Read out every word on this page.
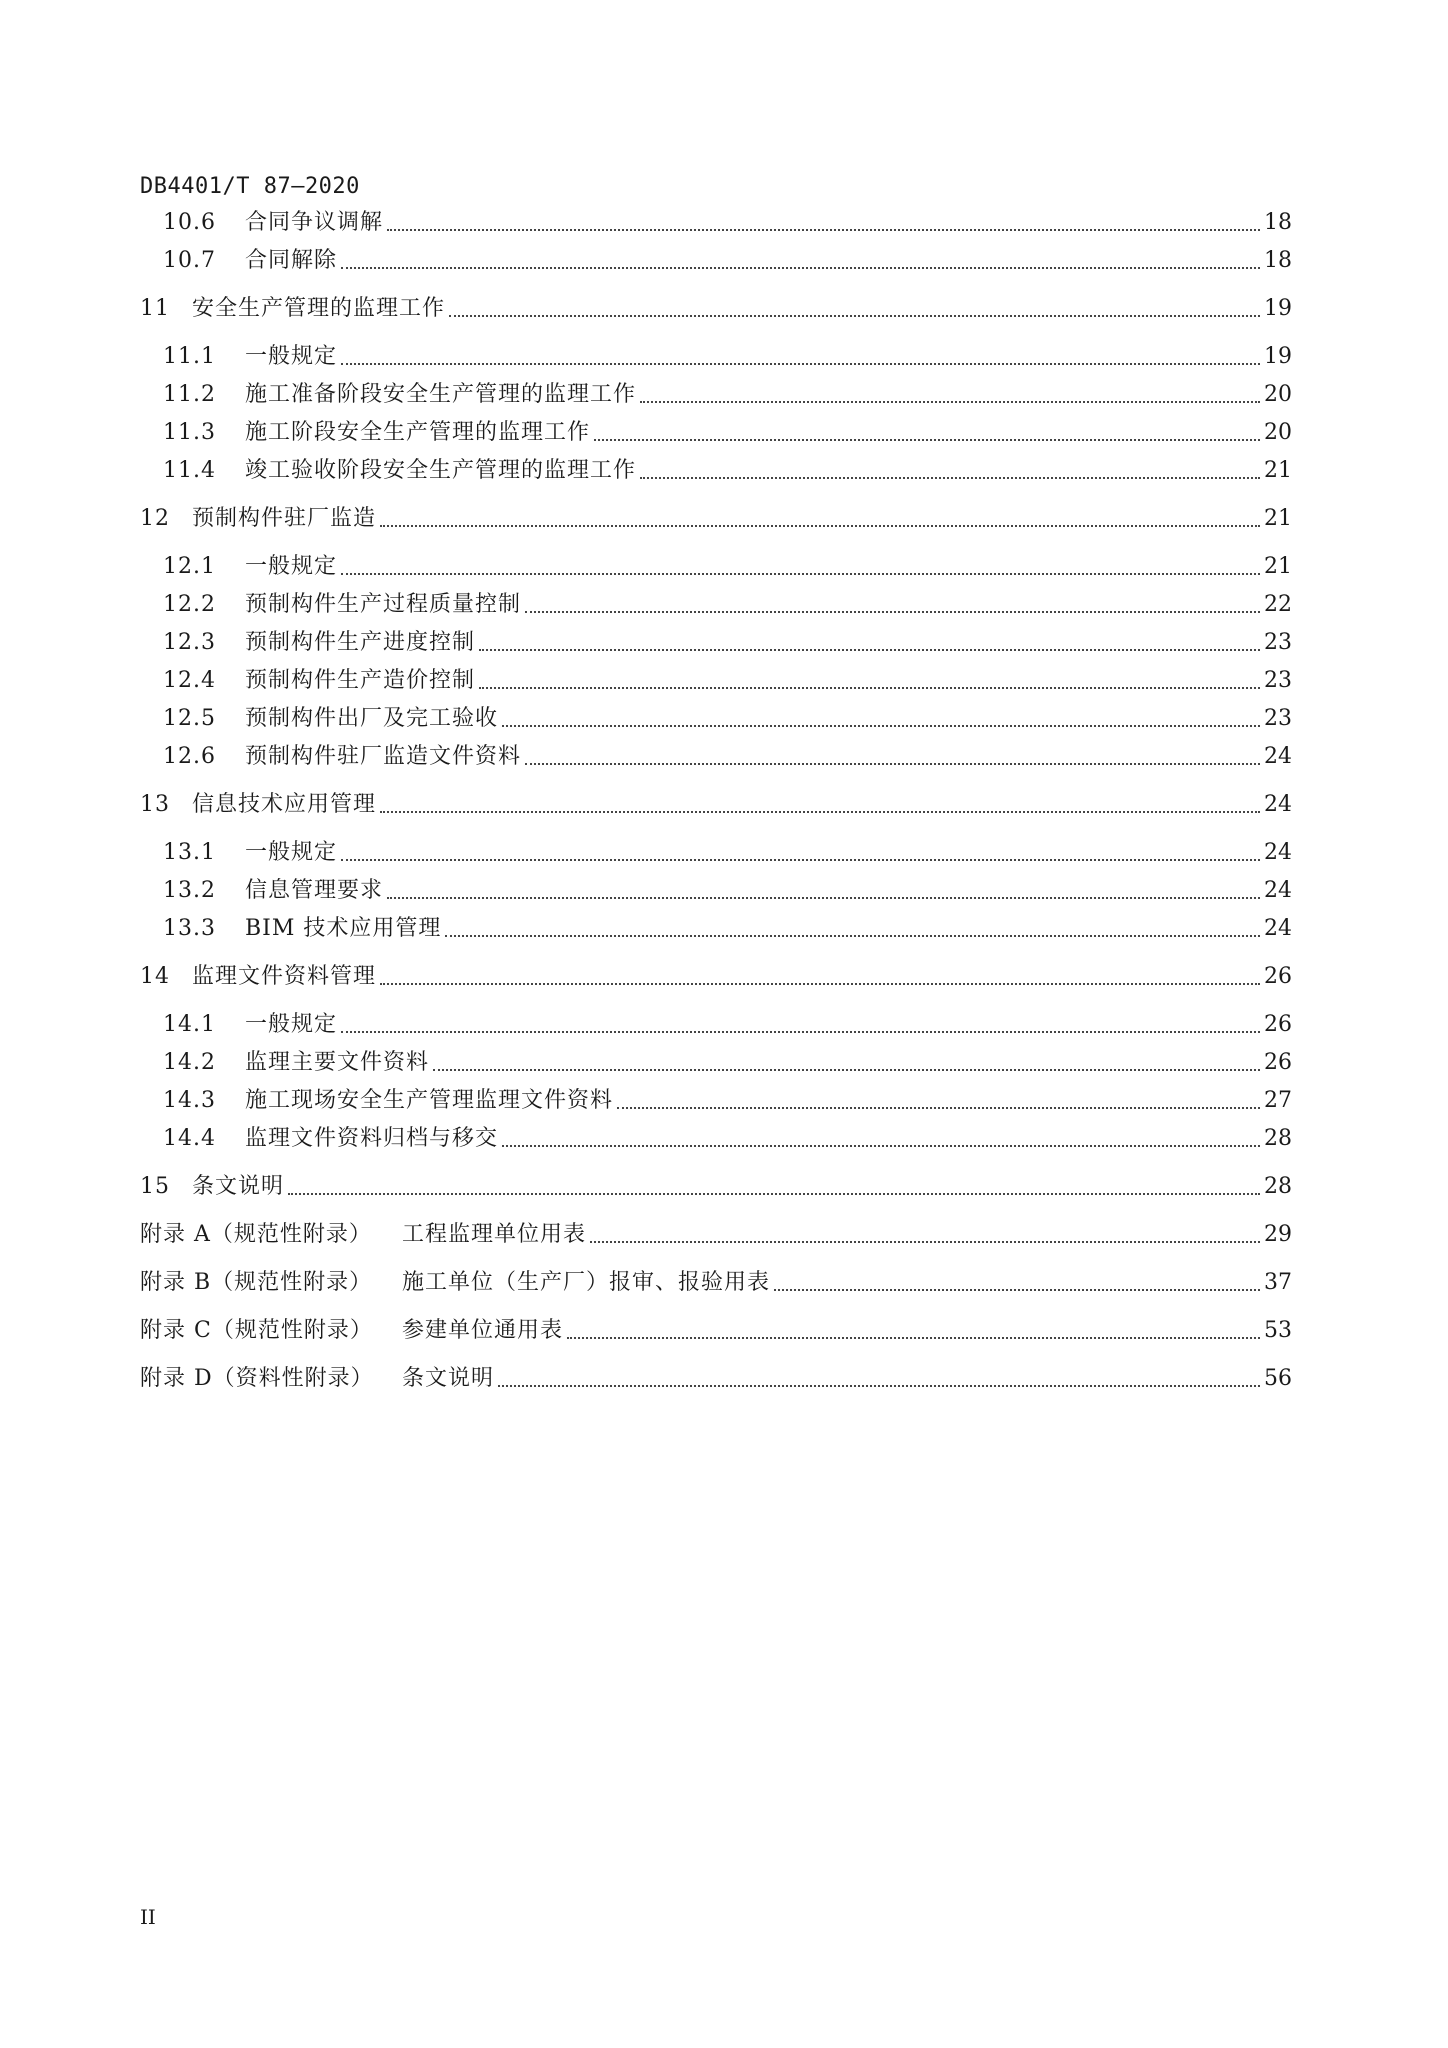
DB4401/T 87—2020
10.6	合同争议调解	18
10.7	合同解除	18
11	安全生产管理的监理工作	19
11.1	一般规定	19
11.2	施工准备阶段安全生产管理的监理工作	20
11.3	施工阶段安全生产管理的监理工作	20
11.4	竣工验收阶段安全生产管理的监理工作	21
12	预制构件驻厂监造	21
12.1	一般规定	21
12.2	预制构件生产过程质量控制	22
12.3	预制构件生产进度控制	23
12.4	预制构件生产造价控制	23
12.5	预制构件出厂及完工验收	23
12.6	预制构件驻厂监造文件资料	24
13	信息技术应用管理	24
13.1	一般规定	24
13.2	信息管理要求	24
13.3	BIM 技术应用管理	24
14	监理文件资料管理	26
14.1	一般规定	26
14.2	监理主要文件资料	26
14.3	施工现场安全生产管理监理文件资料	27
14.4	监理文件资料归档与移交	28
15	条文说明	28
附录 A（规范性附录）	工程监理单位用表	29
附录 B（规范性附录）	施工单位（生产厂）报审、报验用表	37
附录 C（规范性附录）	参建单位通用表	53
附录 D（资料性附录）	条文说明	56
II
